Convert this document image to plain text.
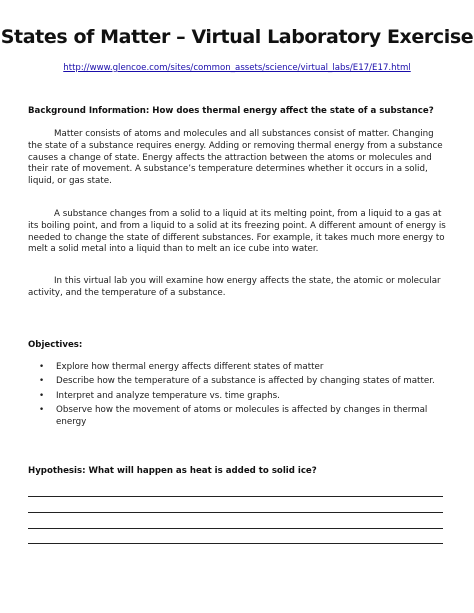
States of Matter – Virtual Laboratory Exercise
http://www.glencoe.com/sites/common_assets/science/virtual_labs/E17/E17.html
Background Information: How does thermal energy affect the state of a substance?

Matter consists of atoms and molecules and all substances consist of matter. Changing the state of a substance requires energy. Adding or removing thermal energy from a substance causes a change of state. Energy affects the attraction between the atoms or molecules and their rate of movement. A substance’s temperature determines whether it occurs in a solid, liquid, or gas state.

A substance changes from a solid to a liquid at its melting point, from a liquid to a gas at its boiling point, and from a liquid to a solid at its freezing point. A different amount of energy is needed to change the state of different substances. For example, it takes much more energy to melt a solid metal into a liquid than to melt an ice cube into water.

In this virtual lab you will examine how energy affects the state, the atomic or molecular activity, and the temperature of a substance.

Objectives:
• Explore how thermal energy affects different states of matter
• Describe how the temperature of a substance is affected by changing states of matter.
• Interpret and analyze temperature vs. time graphs.
• Observe how the movement of atoms or molecules is affected by changes in thermal energy
Hypothesis: What will happen as heat is added to solid ice?
